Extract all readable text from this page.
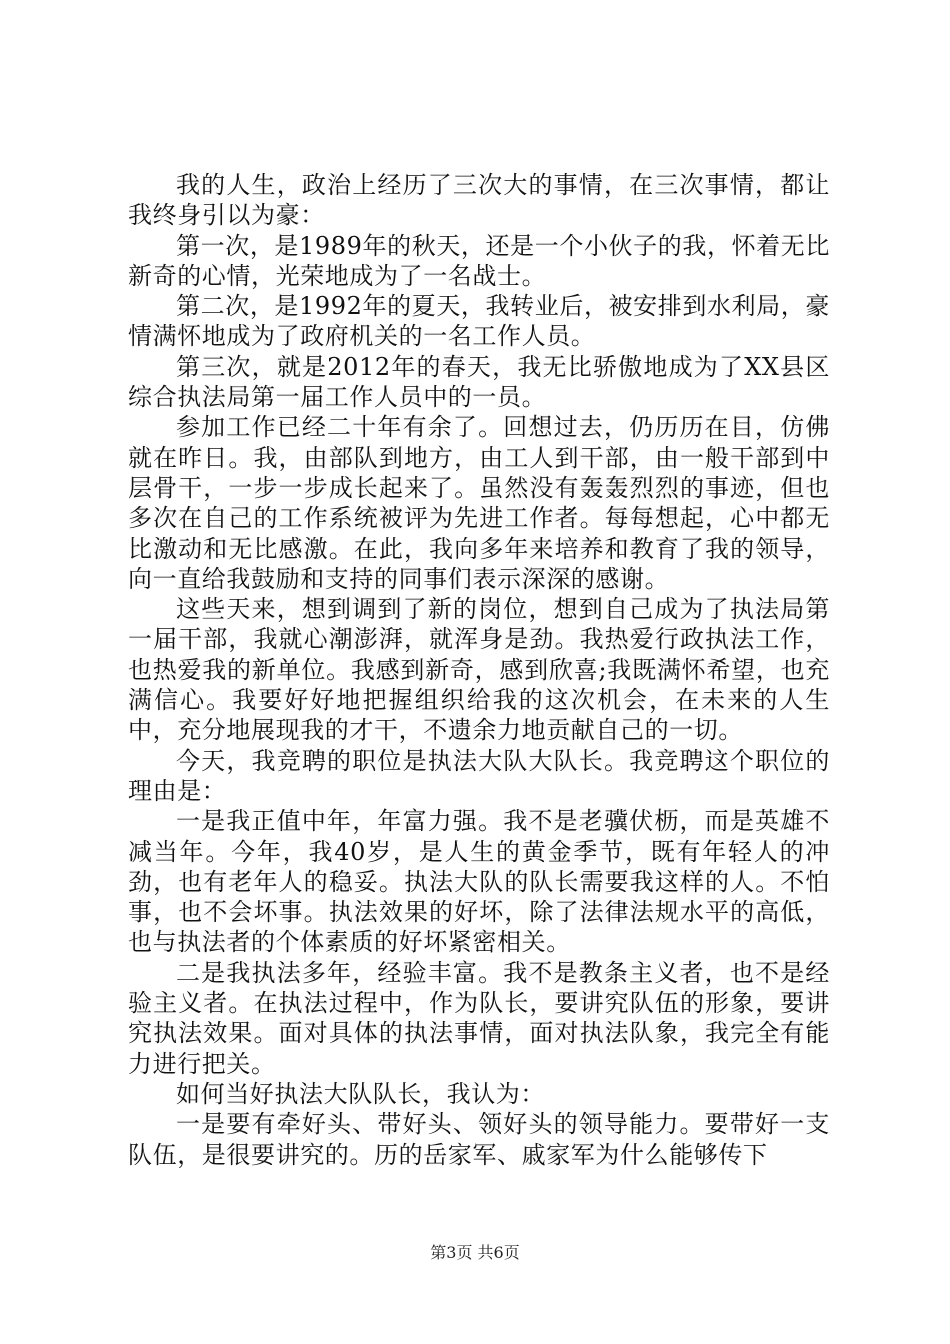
我的人生，政治上经历了三次大的事情，在三次事情，都让我终身引以为豪：

第一次，是1989年的秋天，还是一个小伙子的我，怀着无比新奇的心情，光荣地成为了一名战士。

第二次，是1992年的夏天，我转业后，被安排到水利局，豪情满怀地成为了政府机关的一名工作人员。

第三次，就是2012年的春天，我无比骄傲地成为了XX县区综合执法局第一届工作人员中的一员。

参加工作已经二十年有余了。回想过去，仍历历在目，仿佛就在昨日。我，由部队到地方，由工人到干部，由一般干部到中层骨干，一步一步成长起来了。虽然没有轰轰烈烈的事迹，但也多次在自己的工作系统被评为先进工作者。每每想起，心中都无比激动和无比感激。在此，我向多年来培养和教育了我的领导，向一直给我鼓励和支持的同事们表示深深的感谢。

这些天来，想到调到了新的岗位，想到自己成为了执法局第一届干部，我就心潮澎湃，就浑身是劲。我热爱行政执法工作，也热爱我的新单位。我感到新奇，感到欣喜;我既满怀希望，也充满信心。我要好好地把握组织给我的这次机会，在未来的人生中，充分地展现我的才干，不遗余力地贡献自己的一切。

今天，我竞聘的职位是执法大队大队长。我竞聘这个职位的理由是：

一是我正值中年，年富力强。我不是老骥伏枥，而是英雄不减当年。今年，我40岁，是人生的黄金季节，既有年轻人的冲劲，也有老年人的稳妥。执法大队的队长需要我这样的人。不怕事，也不会坏事。执法效果的好坏，除了法律法规水平的高低，也与执法者的个体素质的好坏紧密相关。

二是我执法多年，经验丰富。我不是教条主义者，也不是经验主义者。在执法过程中，作为队长，要讲究队伍的形象，要讲究执法效果。面对具体的执法事情，面对执法队象，我完全有能力进行把关。

如何当好执法大队队长，我认为：

一是要有牵好头、带好头、领好头的领导能力。要带好一支队伍，是很要讲究的。历的岳家军、戚家军为什么能够传下

第3页 共6页
